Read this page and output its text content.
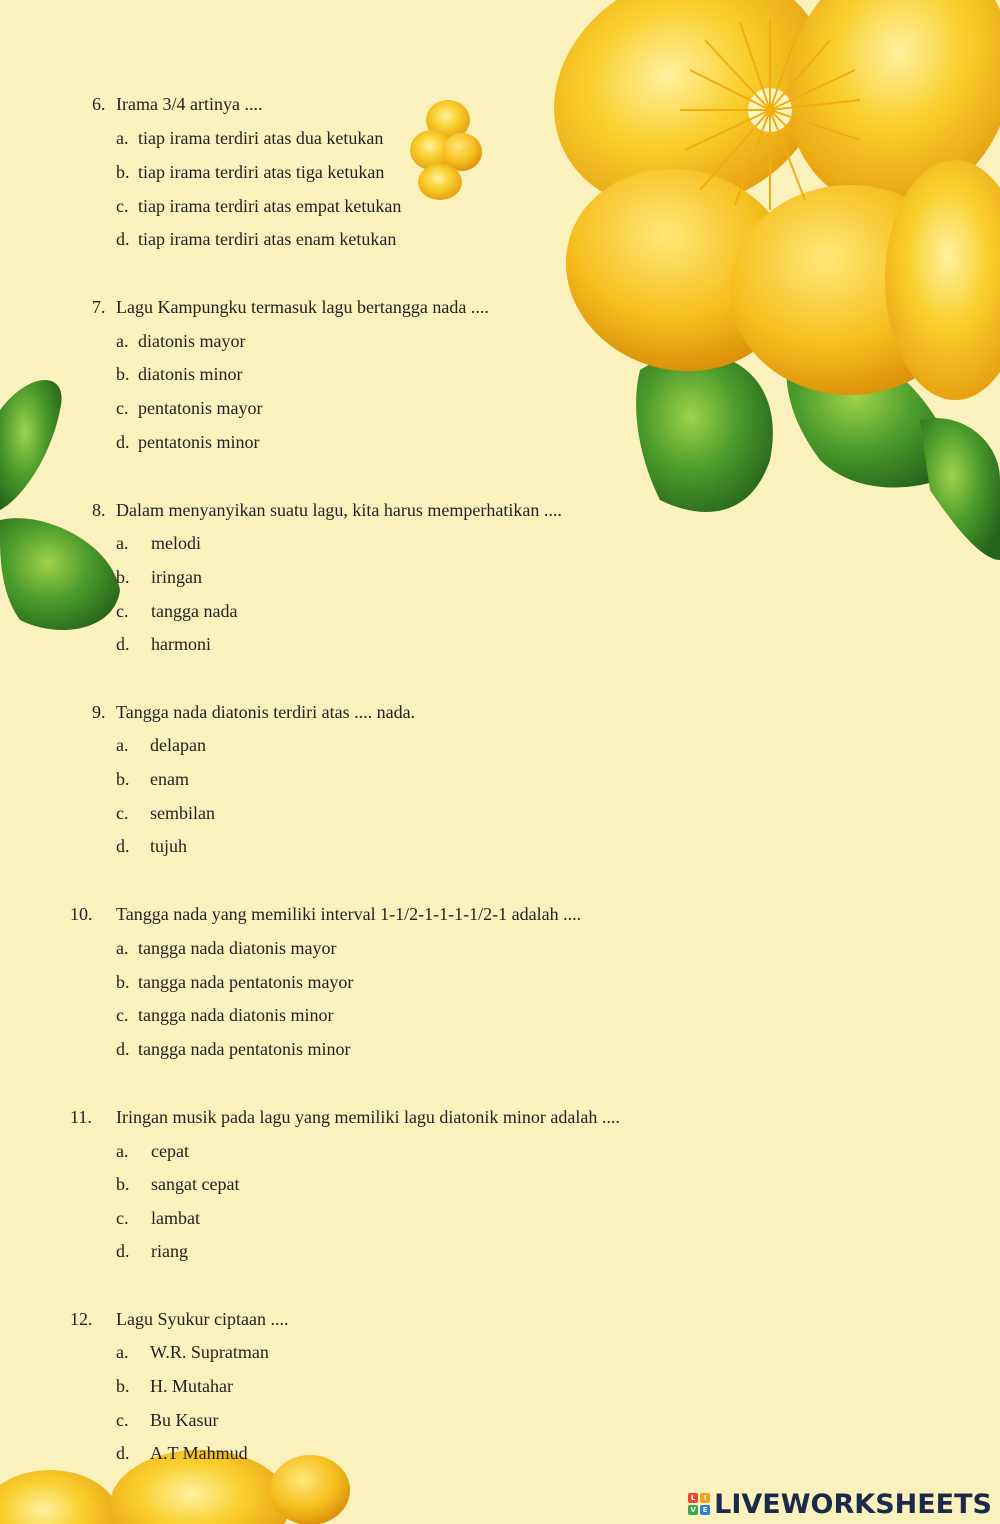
6. Irama 3/4 artinya ....
a. tiap irama terdiri atas dua ketukan
b. tiap irama terdiri atas tiga ketukan
c. tiap irama terdiri atas empat ketukan
d. tiap irama terdiri atas enam ketukan
7. Lagu Kampungku termasuk lagu bertangga nada ....
a. diatonis mayor
b. diatonis minor
c. pentatonis mayor
d. pentatonis minor
8. Dalam menyanyikan suatu lagu, kita harus memperhatikan ....
a. melodi
b. iringan
c. tangga nada
d. harmoni
9. Tangga nada diatonis terdiri atas .... nada.
a. delapan
b. enam
c. sembilan
d. tujuh
10. Tangga nada yang memiliki interval 1-1/2-1-1-1-1/2-1 adalah ....
a. tangga nada diatonis mayor
b. tangga nada pentatonis mayor
c. tangga nada diatonis minor
d. tangga nada pentatonis minor
11. Iringan musik pada lagu yang memiliki lagu diatonik minor adalah ....
a. cepat
b. sangat cepat
c. lambat
d. riang
12. Lagu Syukur ciptaan ....
a. W.R. Supratman
b. H. Mutahar
c. Bu Kasur
d. A.T Mahmud
L	I
V E LIVEWORKSHEETS
